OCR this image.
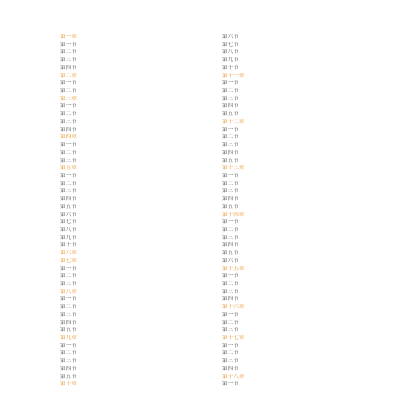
第一章
第一节
第二节
第三节
第四节
第二章
第一节
第二节
第三章
第一节
第二节
第三节
第四节
第四章
第一节
第二节
第三节
第五章
第一节
第二节
第三节
第四节
第五节
第六节
第七节
第八节
第九节
第十节
第六章
第七章
第一节
第二节
第三节
第八章
第一节
第二节
第三节
第四节
第五节
第九章
第一节
第二节
第三节
第四节
第五节
第十章
第六节
第七节
第八节
第九节
第十节
第十一章
第一节
第二节
第三节
第四节
第五节
第十二章
第一节
第二节
第三节
第四节
第五节
第十三章
第一节
第二节
第三节
第四节
第五节
第十四章
第一节
第二节
第三节
第四节
第五节
第六节
第十五章
第一节
第二节
第三节
第四节
第十六章
第一节
第二节
第三节
第十七章
第一节
第二节
第三节
第四节
第十八章
第一节
